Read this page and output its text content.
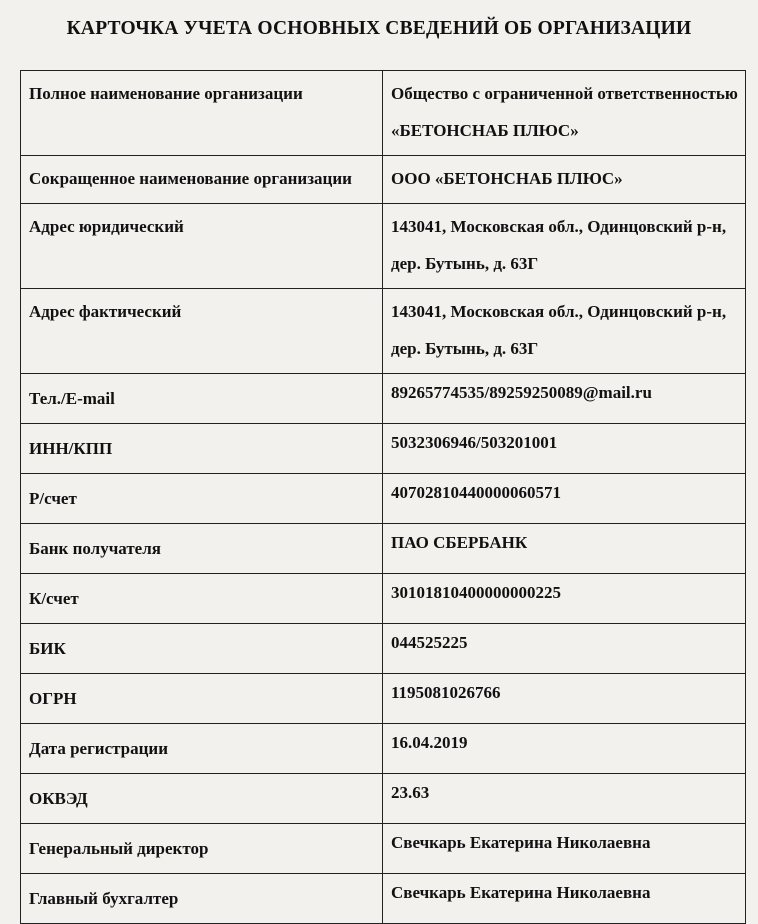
КАРТОЧКА УЧЕТА ОСНОВНЫХ СВЕДЕНИЙ ОБ ОРГАНИЗАЦИИ
Полное наименование организации	Общество с ограниченной ответственностью «БЕТОНСНАБ ПЛЮС»
Сокращенное наименование организации	ООО «БЕТОНСНАБ ПЛЮС»
Адрес юридический	143041, Московская обл., Одинцовский р-н, дер. Бутынь, д. 63Г
Адрес фактический	143041, Московская обл., Одинцовский р-н, дер. Бутынь, д. 63Г
Тел./E-mail	89265774535/89259250089@mail.ru
ИНН/КПП	5032306946/503201001
Р/счет	40702810440000060571
Банк получателя	ПАО СБЕРБАНК
К/счет	30101810400000000225
БИК	044525225
ОГРН	1195081026766
Дата регистрации	16.04.2019
ОКВЭД	23.63
Генеральный директор	Свечкарь Екатерина Николаевна
Главный бухгалтер	Свечкарь Екатерина Николаевна
